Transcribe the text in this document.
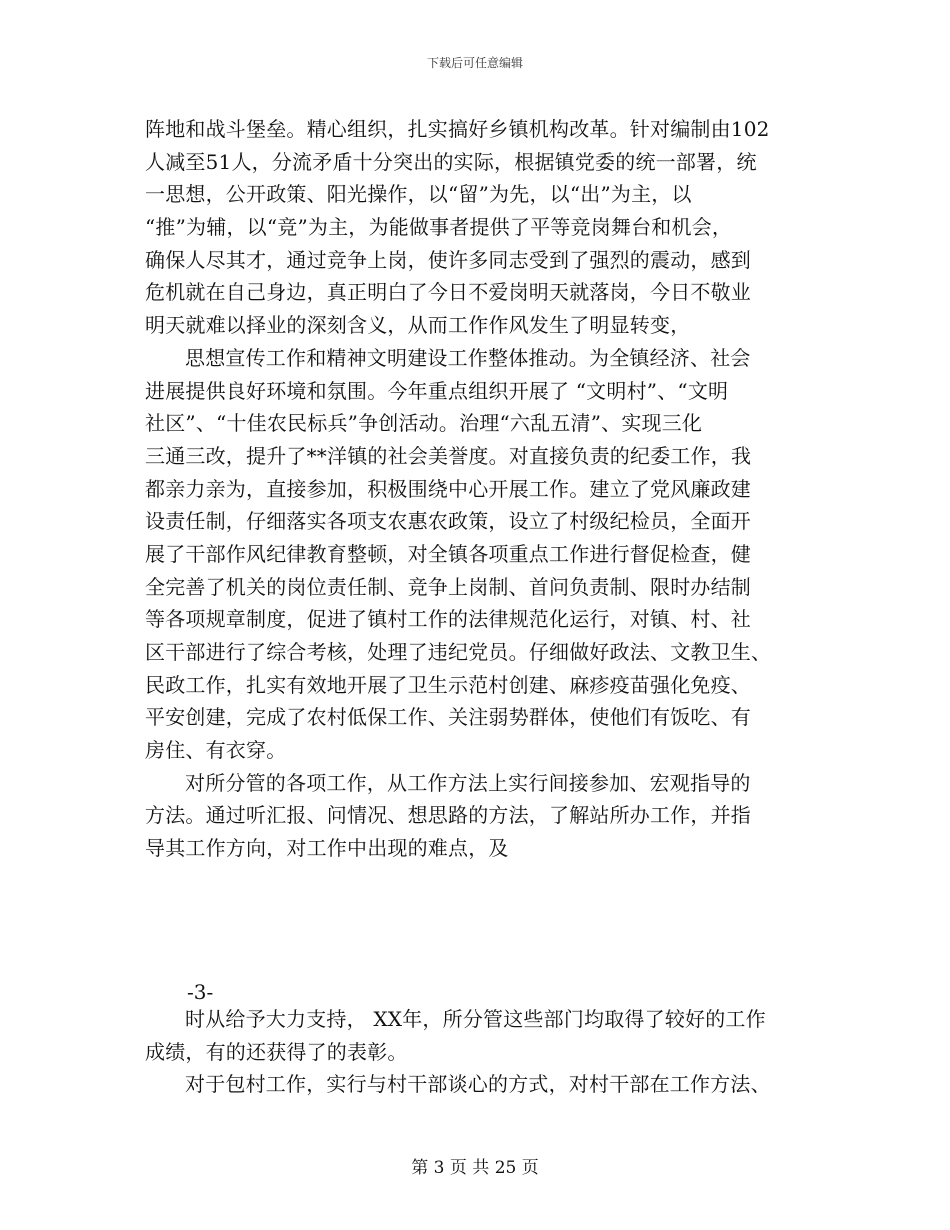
下载后可任意编辑
阵地和战斗堡垒。精心组织，扎实搞好乡镇机构改革。针对编制由102
人减至51人，分流矛盾十分突出的实际，根据镇党委的统一部署，统
一思想，公开政策、阳光操作，以“留”为先，以“出”为主，以
“推”为辅，以“竞”为主，为能做事者提供了平等竞岗舞台和机会，
确保人尽其才，通过竞争上岗，使许多同志受到了强烈的震动，感到
危机就在自己身边，真正明白了今日不爱岗明天就落岗，今日不敬业
明天就难以择业的深刻含义，从而工作作风发生了明显转变，
思想宣传工作和精神文明建设工作整体推动。为全镇经济、社会
进展提供良好环境和氛围。今年重点组织开展了 “文明村”、“文明
社区”、“十佳农民标兵”争创活动。治理“六乱五清”、实现三化
三通三改，提升了**洋镇的社会美誉度。对直接负责的纪委工作，我
都亲力亲为，直接参加，积极围绕中心开展工作。建立了党风廉政建
设责任制，仔细落实各项支农惠农政策，设立了村级纪检员，全面开
展了干部作风纪律教育整顿，对全镇各项重点工作进行督促检查，健
全完善了机关的岗位责任制、竞争上岗制、首问负责制、限时办结制
等各项规章制度，促进了镇村工作的法律规范化运行，对镇、村、社
区干部进行了综合考核，处理了违纪党员。仔细做好政法、文教卫生、
民政工作，扎实有效地开展了卫生示范村创建、麻疹疫苗强化免疫、
平安创建，完成了农村低保工作、关注弱势群体，使他们有饭吃、有
房住、有衣穿。
对所分管的各项工作，从工作方法上实行间接参加、宏观指导的
方法。通过听汇报、问情况、想思路的方法，了解站所办工作，并指
导其工作方向，对工作中出现的难点，及
-3-
时从给予大力支持， XX年，所分管这些部门均取得了较好的工作
成绩，有的还获得了的表彰。
对于包村工作，实行与村干部谈心的方式，对村干部在工作方法、
第 3 页 共 25 页
